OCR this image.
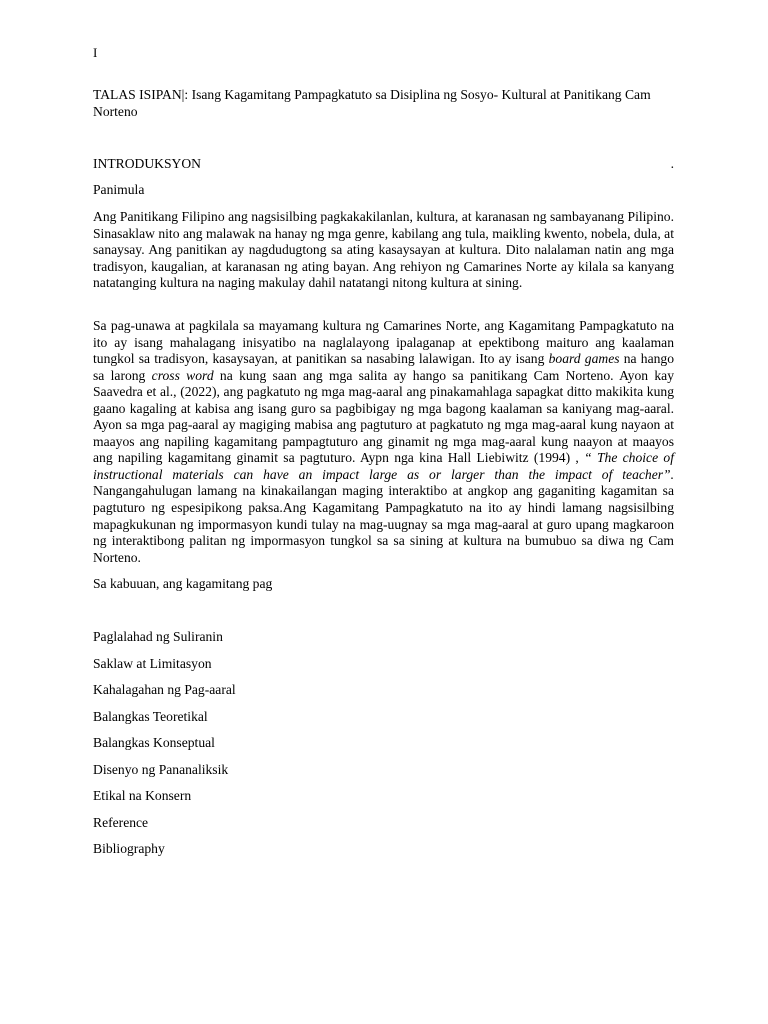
I
TALAS ISIPAN|: Isang Kagamitang Pampagkatuto sa Disiplina ng Sosyo- Kultural at Panitikang Cam Norteno
INTRODUKSYON	.
Panimula
Ang Panitikang Filipino ang nagsisilbing pagkakakilanlan, kultura, at karanasan ng sambayanang Pilipino. Sinasaklaw nito ang malawak na hanay ng mga genre, kabilang ang tula, maikling kwento, nobela, dula, at sanaysay. Ang panitikan ay nagdudugtong sa ating kasaysayan at kultura. Dito nalalaman natin ang mga tradisyon, kaugalian, at karanasan ng ating bayan. Ang rehiyon ng Camarines Norte ay kilala sa kanyang natatanging kultura na naging makulay dahil natatangi nitong kultura at sining.
Sa pag-unawa at pagkilala sa mayamang kultura ng Camarines Norte, ang Kagamitang Pampagkatuto na ito ay isang mahalagang inisyatibo na naglalayong ipalaganap at epektibong maituro ang kaalaman tungkol sa tradisyon, kasaysayan, at panitikan sa nasabing lalawigan. Ito ay isang board games na hango sa larong cross word na kung saan ang mga salita ay hango sa panitikang Cam Norteno. Ayon kay Saavedra et al., (2022), ang pagkatuto ng mga mag-aaral ang pinakamahlaga sapagkat ditto makikita kung gaano kagaling at kabisa ang isang guro sa pagbibigay ng mga bagong kaalaman sa kaniyang mag-aaral. Ayon sa mga pag-aaral ay magiging mabisa ang pagtuturo at pagkatuto ng mga mag-aaral kung nayaon at maayos ang napiling kagamitang pampagtuturo ang ginamit ng mga mag-aaral kung naayon at maayos ang napiling kagamitang ginamit sa pagtuturo. Aypn nga kina Hall Liebiwitz (1994) , “ The choice of instructional materials can have an impact large as or larger than the impact of teacher”. Nangangahulugan lamang na kinakailangan maging interaktibo at angkop ang gaganiting kagamitan sa pagtuturo ng espesipikong paksa.Ang Kagamitang Pampagkatuto na ito ay hindi lamang nagsisilbing mapagkukunan ng impormasyon kundi tulay na mag-uugnay sa mga mag-aaral at guro upang magkaroon ng interaktibong palitan ng impormasyon tungkol sa sa sining at kultura na bumubuo sa diwa ng Cam Norteno.
Sa kabuuan, ang kagamitang pag
Paglalahad ng Suliranin
Saklaw at Limitasyon
Kahalagahan ng Pag-aaral
Balangkas Teoretikal
Balangkas Konseptual
Disenyo ng Pananaliksik
Etikal na Konsern
Reference
Bibliography
